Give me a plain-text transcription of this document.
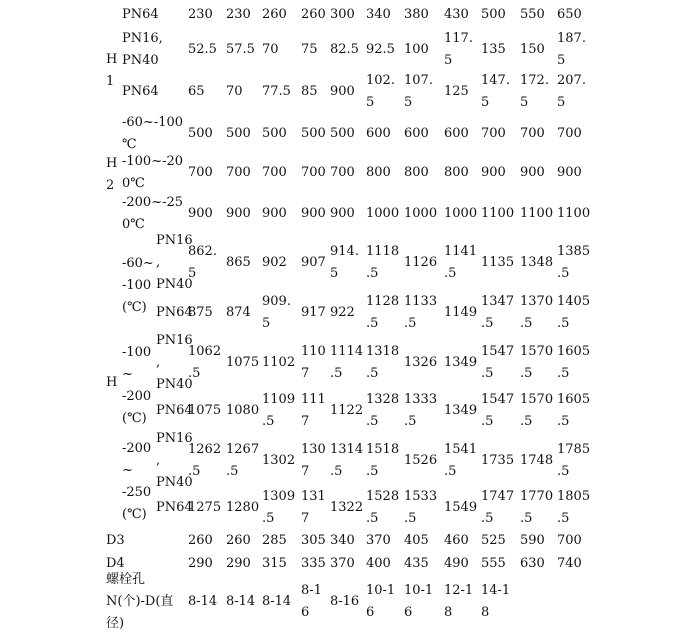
230 230 260 260 300 340 380 430 500 550 650
52.5 57.5 70 75 82.5 92.5 100
117.
5
135 150
187.
5
65 70 77.5 85 900
102.
5
107.
5
125
147.
5
172.
5
207.
5
500 500 500 500 500 600 600 600 700 700 700
700 700 700 700 700 800 800 800 900 900 900
900 900 900 900 900 1000 1000 1000 1100 1100 1100
862.
5
865 902 907
914.
5
1118
.5
1126
1141
.5
1135 1348
1385
.5
875 874
909.
5
917 922
1128
.5
1133
.5
1149
1347
.5
1370
.5
1405
.5
1062
.5
1075 1102
110
7
1114
.5
1318
.5
1326 1349
1547
.5
1570
.5
1605
.5
1075 1080
1109
.5
111
7
1122
1328
.5
1333
.5
1349
1547
.5
1570
.5
1605
.5
1262
.5
1267
.5
1302
130
7
1314
.5
1518
.5
1526
1541
.5
1735 1748
1785
.5
1275 1280
1309
.5
131
7
1322
1528
.5
1533
.5
1549
1747
.5
1770
.5
1805
.5
260 260 285 305 340 370 405 460 525 590 700
290 290 315 335 370 400 435 490 555 630 740
8-14 8-14 8-14
8-1
6
8-16
10-1
6
10-1
6
12-1
8
14-1
8
PN64
H
1
PN16,
PN40
PN64
H
2
-60~-100
℃
-100~-20
0℃
-200~-25
0℃
H
-60~
-100
(℃)
PN16
,
PN40
PN64
-100
~
-200
(℃)
PN16
,
PN40
PN64
-200
~
-250
(℃)
PN16
,
PN40
PN64
D3
D4
螺栓孔
N(个)-D(直
径)
